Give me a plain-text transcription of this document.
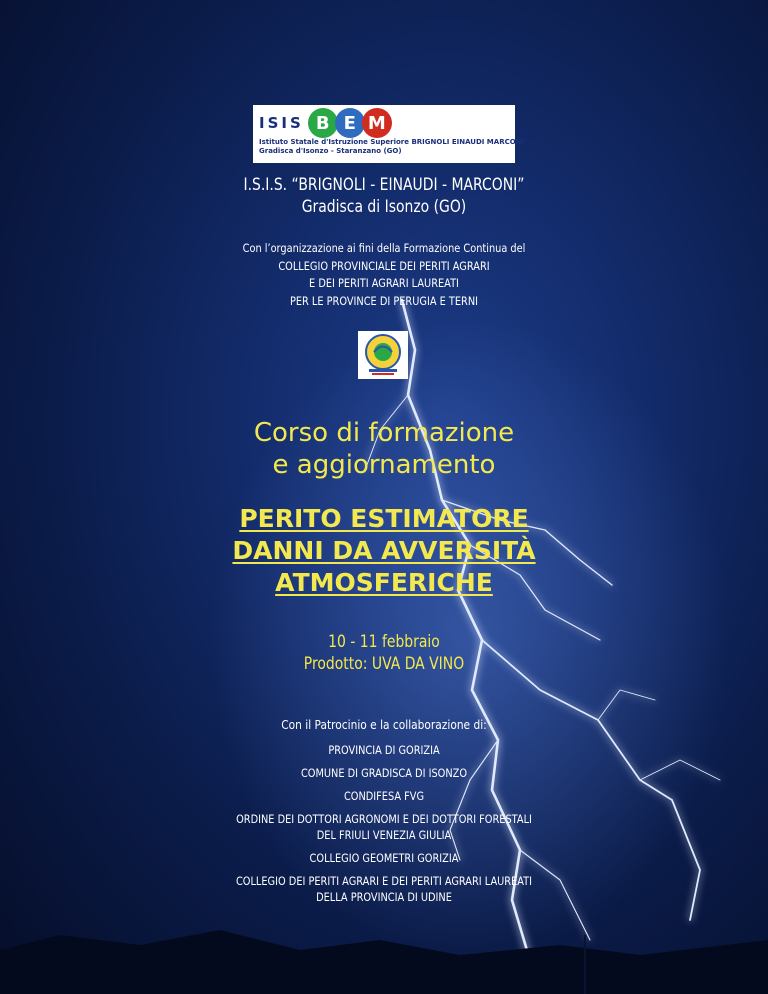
ISIS B E M
Istituto Statale d'Istruzione Superiore BRIGNOLI EINAUDI MARCONI
Gradisca d'Isonzo - Staranzano (GO)
I.S.I.S. “BRIGNOLI - EINAUDI - MARCONI”
Gradisca di Isonzo (GO)
Con l’organizzazione ai fini della Formazione Continua del
COLLEGIO PROVINCIALE DEI PERITI AGRARI
E DEI PERITI AGRARI LAUREATI
PER LE PROVINCE DI PERUGIA E TERNI
Corso di formazione
e aggiornamento
PERITO ESTIMATORE
DANNI DA AVVERSITÀ
ATMOSFERICHE
10 - 11 febbraio
Prodotto: UVA DA VINO
Con il Patrocinio e la collaborazione di:
PROVINCIA DI GORIZIA
COMUNE DI GRADISCA DI ISONZO
CONDIFESA FVG
ORDINE DEI DOTTORI AGRONOMI E DEI DOTTORI FORESTALI
DEL FRIULI VENEZIA GIULIA
COLLEGIO GEOMETRI GORIZIA
COLLEGIO DEI PERITI AGRARI E DEI PERITI AGRARI LAUREATI
DELLA PROVINCIA DI UDINE
